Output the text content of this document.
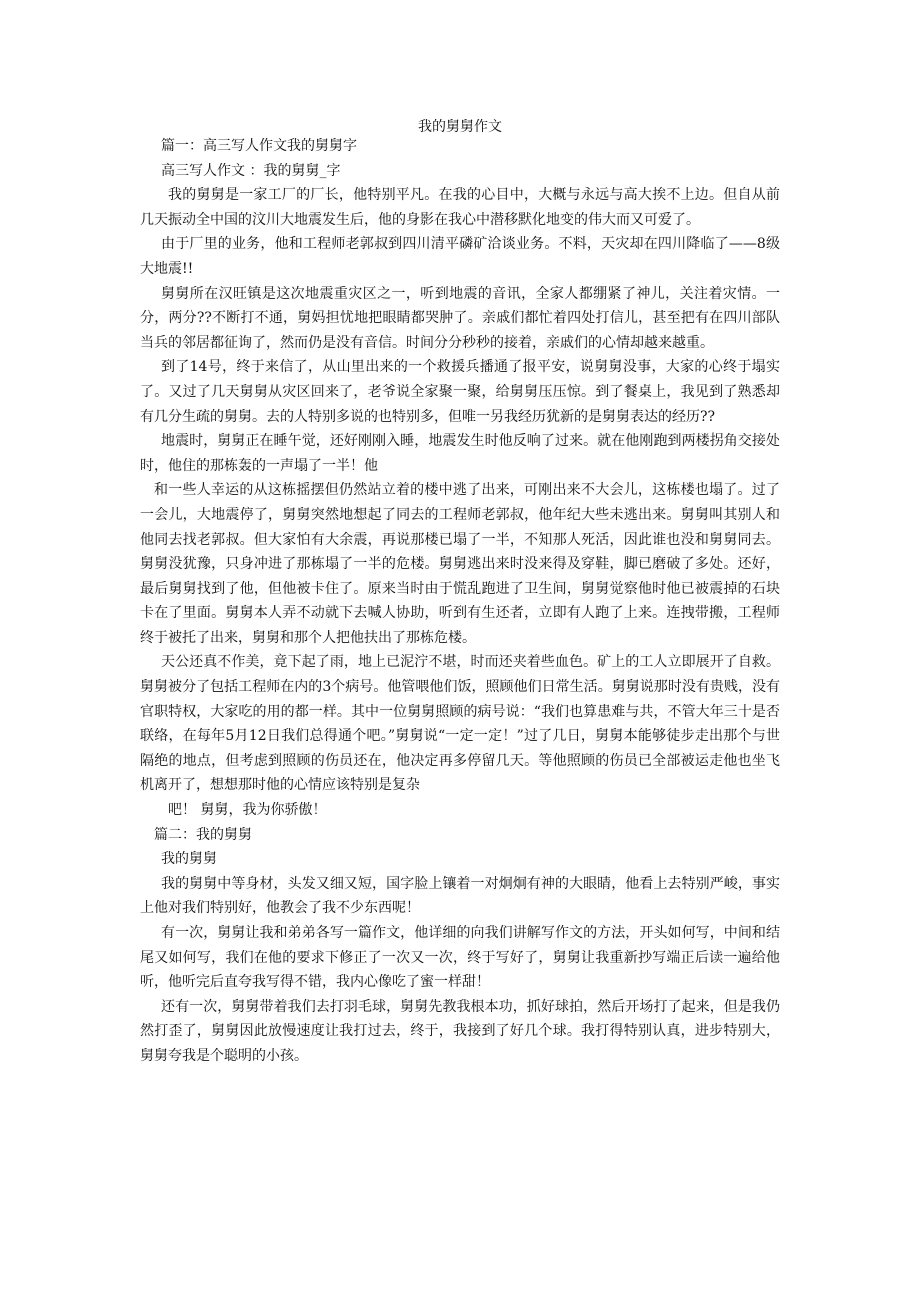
我的舅舅作文

篇一：高三写人作文我的舅舅字

高三写人作文 ：我的舅舅_字

我的舅舅是一家工厂的厂长，他特别平凡。在我的心目中，大概与永远与高大挨不上边。但自从前几天振动全中国的汶川大地震发生后，他的身影在我心中潜移默化地变的伟大而又可爱了。

由于厂里的业务，他和工程师老郭叔到四川清平磷矿洽谈业务。不料，天灾却在四川降临了——8级大地震!!

舅舅所在汉旺镇是这次地震重灾区之一，听到地震的音讯，全家人都绷紧了神儿，关注着灾情。一分，两分??不断打不通，舅妈担忧地把眼睛都哭肿了。亲戚们都忙着四处打信儿，甚至把有在四川部队当兵的邻居都征询了，然而仍是没有音信。时间分分秒秒的接着，亲戚们的心情却越来越重。

到了14号，终于来信了，从山里出来的一个救援兵播通了报平安，说舅舅没事，大家的心终于塌实了。又过了几天舅舅从灾区回来了，老爷说全家聚一聚，给舅舅压压惊。到了餐桌上，我见到了熟悉却有几分生疏的舅舅。去的人特别多说的也特别多，但唯一另我经历犹新的是舅舅表达的经历??

地震时，舅舅正在睡午觉，还好刚刚入睡，地震发生时他反响了过来。就在他刚跑到两楼拐角交接处时，他住的那栋轰的一声塌了一半！他

和一些人幸运的从这栋摇摆但仍然站立着的楼中逃了出来，可刚出来不大会儿，这栋楼也塌了。过了一会儿，大地震停了，舅舅突然地想起了同去的工程师老郭叔，他年纪大些未逃出来。舅舅叫其别人和他同去找老郭叔。但大家怕有大余震，再说那楼已塌了一半，不知那人死活，因此谁也没和舅舅同去。舅舅没犹豫，只身冲进了那栋塌了一半的危楼。舅舅逃出来时没来得及穿鞋，脚已磨破了多处。还好，最后舅舅找到了他，但他被卡住了。原来当时由于慌乱跑进了卫生间，舅舅觉察他时他已被震掉的石块卡在了里面。舅舅本人弄不动就下去喊人协助，听到有生还者，立即有人跑了上来。连拽带搬，工程师终于被托了出来，舅舅和那个人把他扶出了那栋危楼。

天公还真不作美，竟下起了雨，地上已泥泞不堪，时而还夹着些血色。矿上的工人立即展开了自救。舅舅被分了包括工程师在内的3个病号。他管喂他们饭，照顾他们日常生活。舅舅说那时没有贵贱，没有官职特权，大家吃的用的都一样。其中一位舅舅照顾的病号说：“我们也算患难与共，不管大年三十是否联络，在每年5月12日我们总得通个吧。”舅舅说“一定一定！”过了几日，舅舅本能够徒步走出那个与世隔绝的地点，但考虑到照顾的伤员还在，他决定再多停留几天。等他照顾的伤员已全部被运走他也坐飞机离开了，想想那时他的心情应该特别是复杂

吧！ 舅舅，我为你骄傲！

篇二：我的舅舅

我的舅舅

我的舅舅中等身材，头发又细又短，国字脸上镶着一对炯炯有神的大眼睛，他看上去特别严峻，事实上他对我们特别好，他教会了我不少东西呢！

有一次，舅舅让我和弟弟各写一篇作文，他详细的向我们讲解写作文的方法，开头如何写，中间和结尾又如何写，我们在他的要求下修正了一次又一次，终于写好了，舅舅让我重新抄写端正后读一遍给他听，他听完后直夸我写得不错，我内心像吃了蜜一样甜！

还有一次，舅舅带着我们去打羽毛球，舅舅先教我根本功，抓好球拍，然后开场打了起来，但是我仍然打歪了，舅舅因此放慢速度让我打过去，终于，我接到了好几个球。我打得特别认真，进步特别大，舅舅夸我是个聪明的小孩。
